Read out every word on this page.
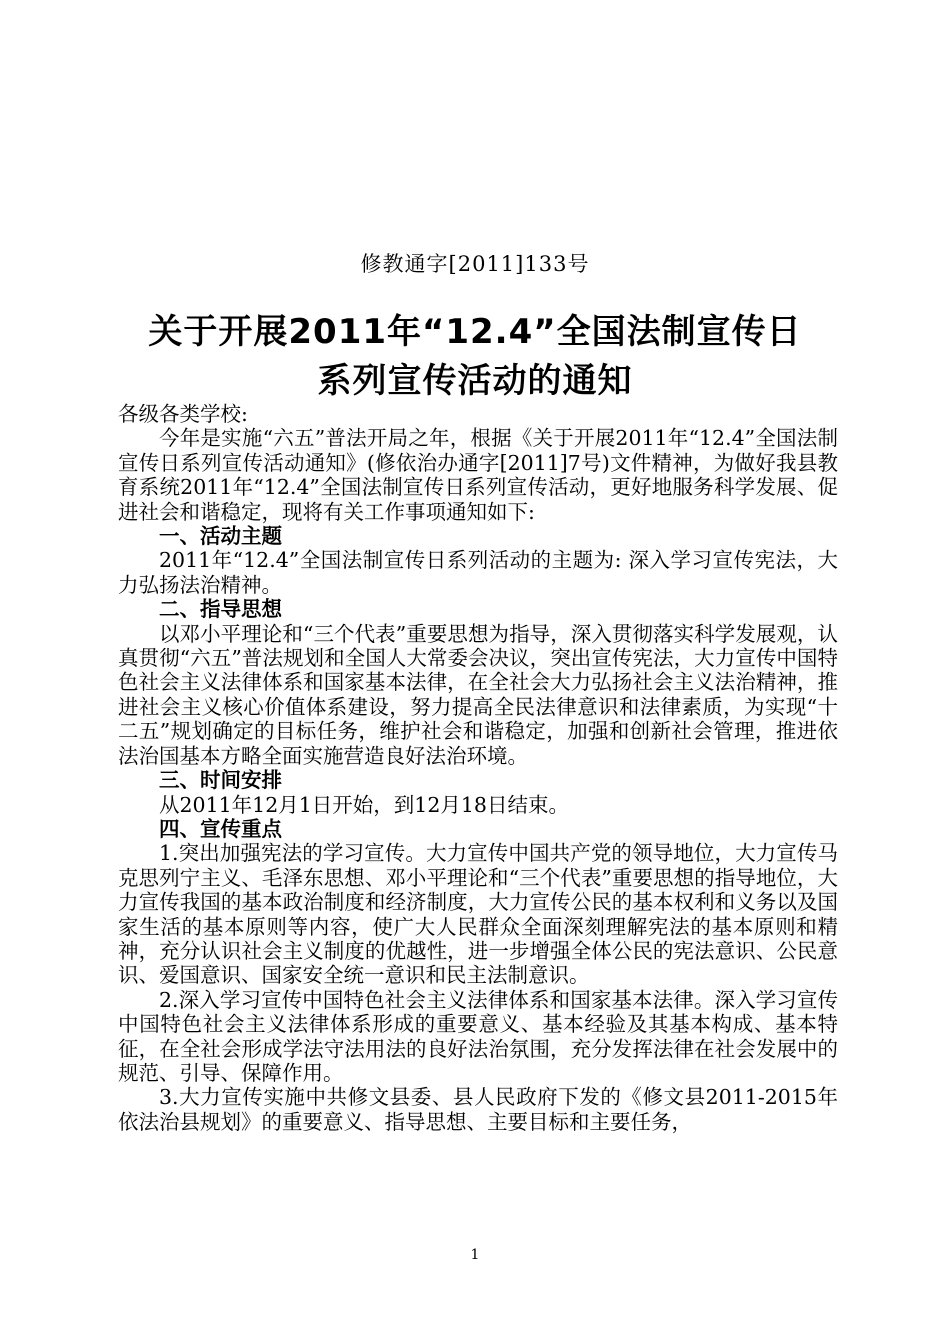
修教通字[2011]133号
关于开展2011年“12.4”全国法制宣传日
系列宣传活动的通知

各级各类学校:

今年是实施“六五”普法开局之年，根据《关于开展2011年“12.4”全国法制宣传日系列宣传活动通知》(修依治办通字[2011]7号)文件精神，为做好我县教育系统2011年“12.4”全国法制宣传日系列宣传活动，更好地服务科学发展、促进社会和谐稳定，现将有关工作事项通知如下:

一、活动主题

2011年“12.4”全国法制宣传日系列活动的主题为: 深入学习宣传宪法，大力弘扬法治精神。

二、指导思想

以邓小平理论和“三个代表”重要思想为指导，深入贯彻落实科学发展观，认真贯彻“六五”普法规划和全国人大常委会决议，突出宣传宪法，大力宣传中国特色社会主义法律体系和国家基本法律，在全社会大力弘扬社会主义法治精神，推进社会主义核心价值体系建设，努力提高全民法律意识和法律素质，为实现“十二五”规划确定的目标任务，维护社会和谐稳定，加强和创新社会管理，推进依法治国基本方略全面实施营造良好法治环境。

三、时间安排

从2011年12月1日开始，到12月18日结束。

四、宣传重点

1.突出加强宪法的学习宣传。大力宣传中国共产党的领导地位，大力宣传马克思列宁主义、毛泽东思想、邓小平理论和“三个代表”重要思想的指导地位，大力宣传我国的基本政治制度和经济制度，大力宣传公民的基本权利和义务以及国家生活的基本原则等内容，使广大人民群众全面深刻理解宪法的基本原则和精神，充分认识社会主义制度的优越性，进一步增强全体公民的宪法意识、公民意识、爱国意识、国家安全统一意识和民主法制意识。

2.深入学习宣传中国特色社会主义法律体系和国家基本法律。深入学习宣传中国特色社会主义法律体系形成的重要意义、基本经验及其基本构成、基本特征，在全社会形成学法守法用法的良好法治氛围，充分发挥法律在社会发展中的规范、引导、保障作用。

3.大力宣传实施中共修文县委、县人民政府下发的《修文县2011-2015年依法治县规划》的重要意义、指导思想、主要目标和主要任务，

1
